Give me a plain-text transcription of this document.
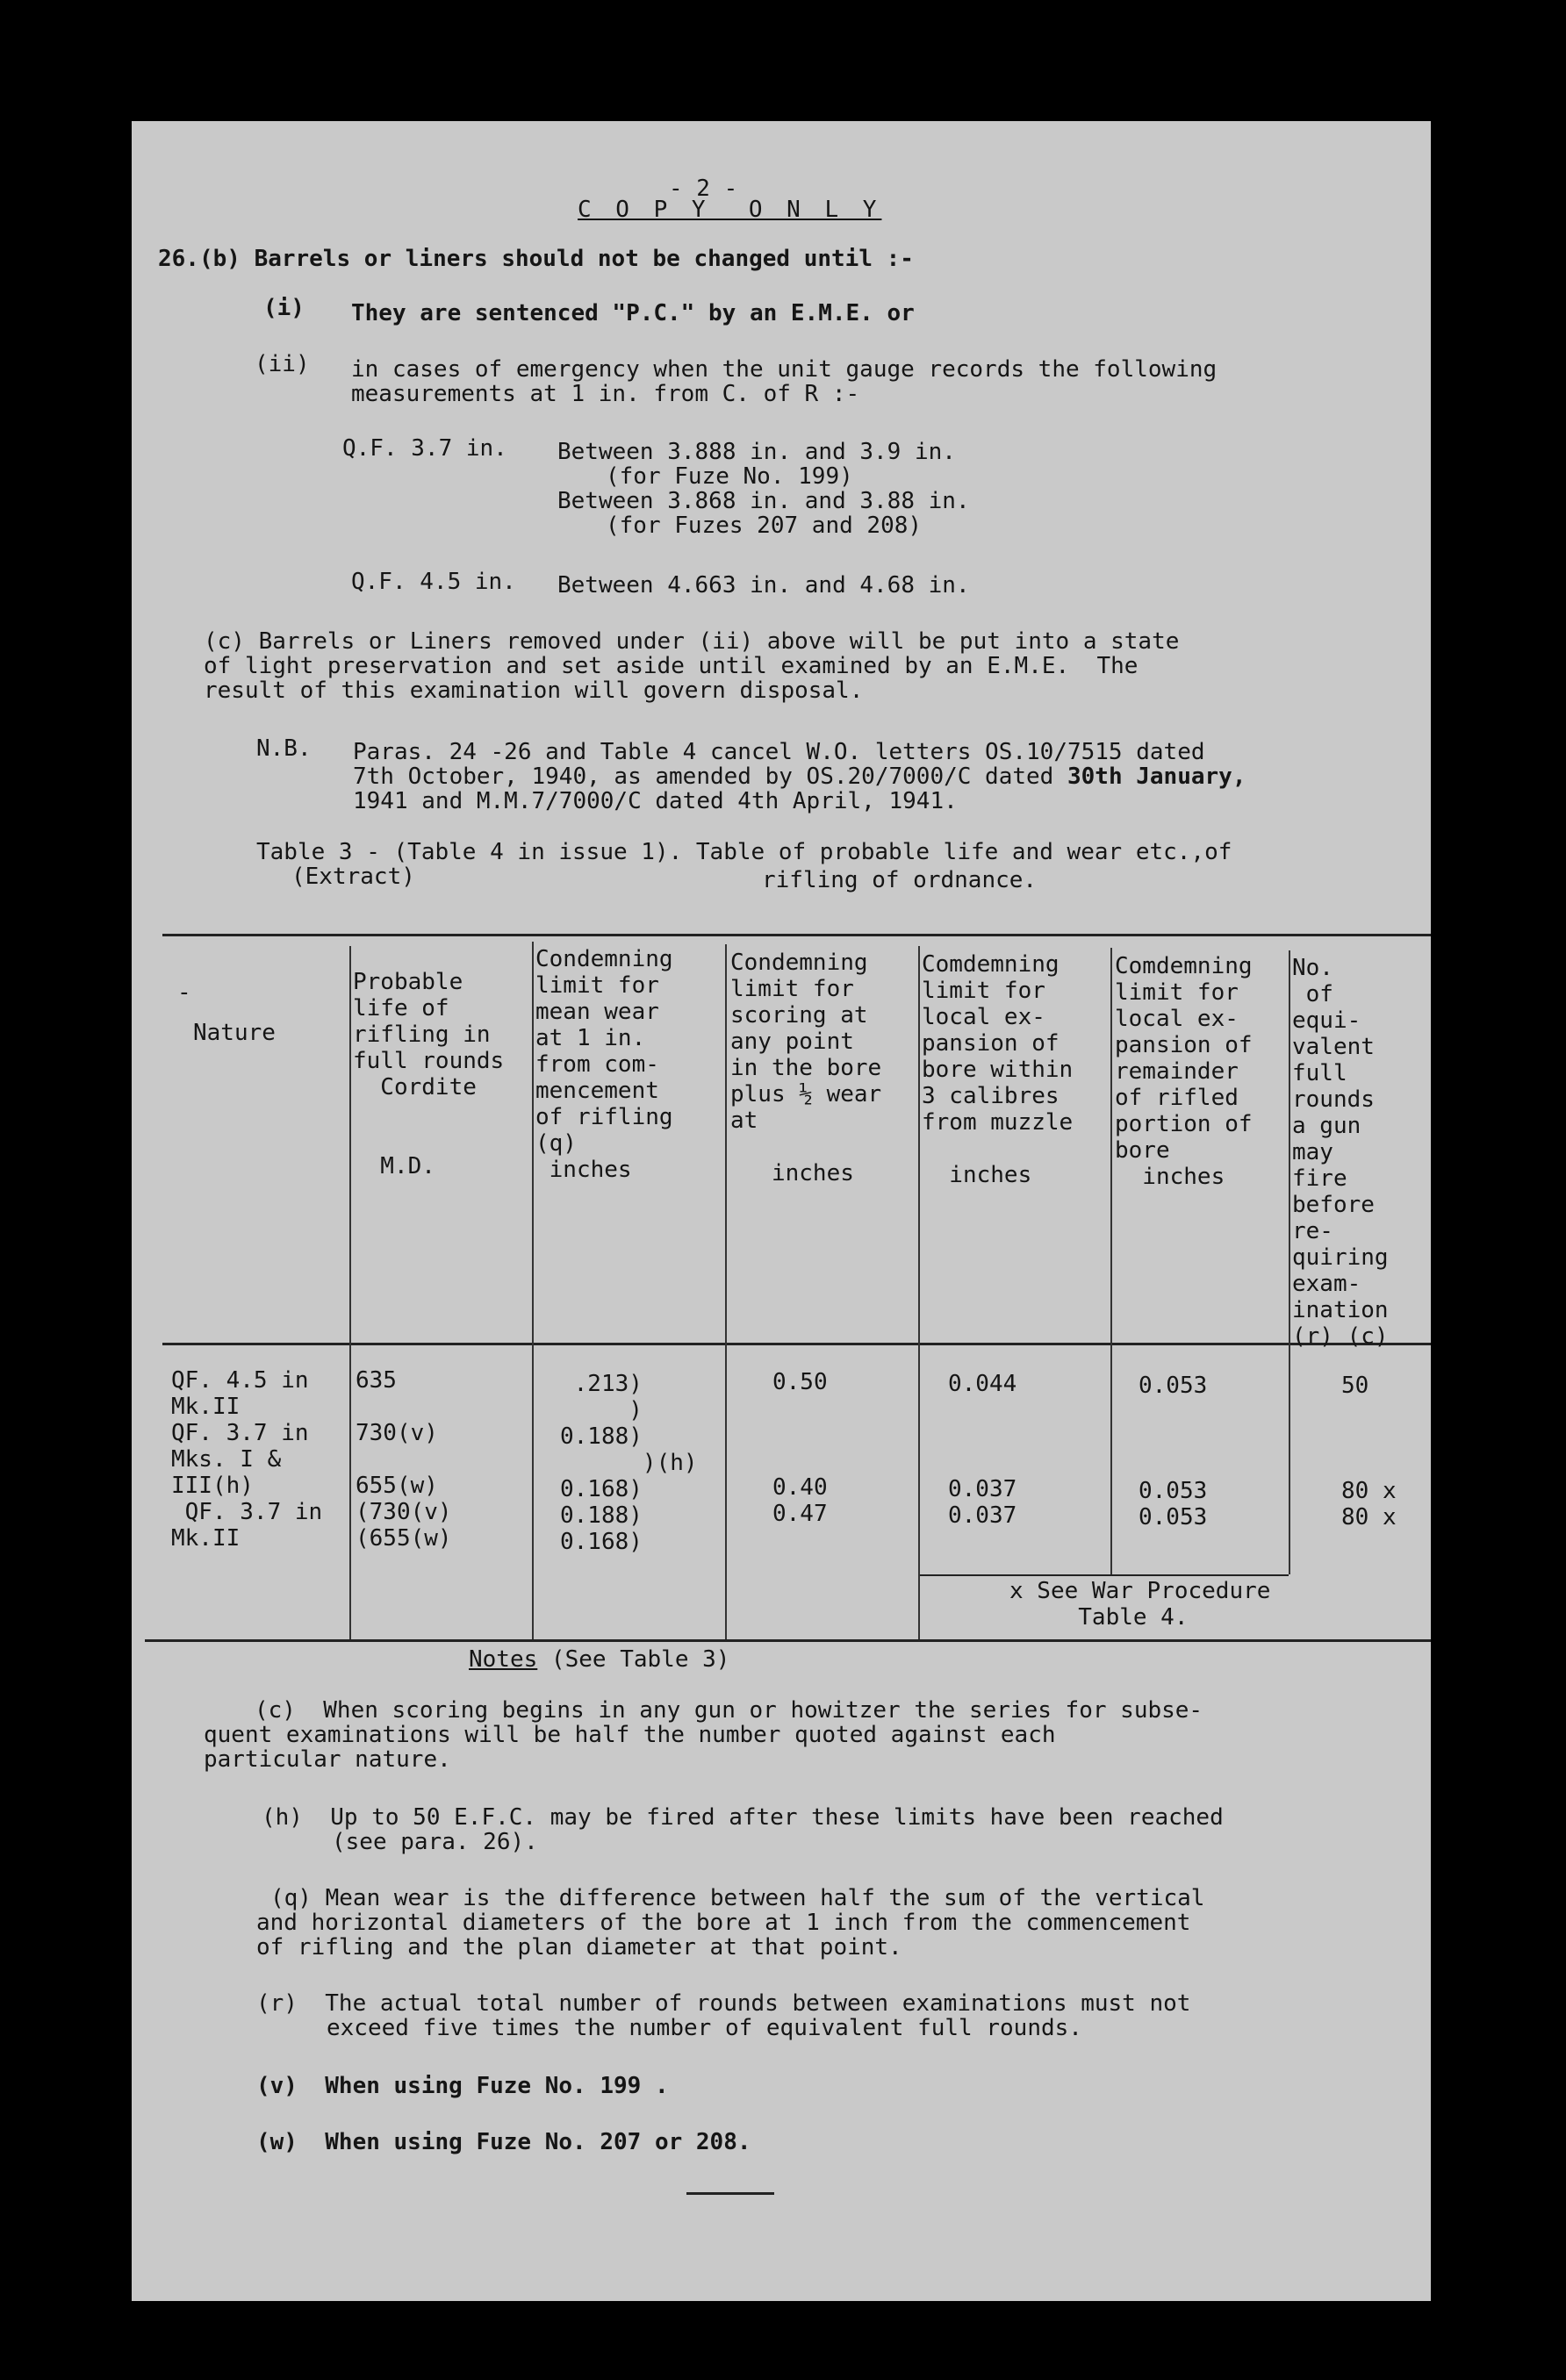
- 2 -
C O P Y  O N L Y
26.(b) Barrels or liners should not be changed until :-
(i) They are sentenced "P.C." by an E.M.E. or
(ii) in cases of emergency when the unit gauge records the following
measurements at 1 in. from C. of R :-
Q.F. 3.7 in. Between 3.888 in. and 3.9 in.
(for Fuze No. 199)
Between 3.868 in. and 3.88 in.
(for Fuzes 207 and 208)
Q.F. 4.5 in. Between 4.663 in. and 4.68 in.
(c) Barrels or Liners removed under (ii) above will be put into a state
of light preservation and set aside until examined by an E.M.E.  The
result of this examination will govern disposal.
N.B. Paras. 24 -26 and Table 4 cancel W.O. letters OS.10/7515 dated
7th October, 1940, as amended by OS.20/7000/C dated 30th January,
1941 and M.M.7/7000/C dated 4th April, 1941.
Table 3 - (Table 4 in issue 1). Table of probable life and wear etc.,of
(Extract)	rifling of ordnance.
-
Nature
Probable
life of
rifling in
full rounds
Cordite

M.D.
Condemning
limit for
mean wear
at 1 in.
from com-
mencement
of rifling
(q)
inches
Condemning
limit for
scoring at
any point
in the bore
plus ½ wear
at

inches
Comdemning
limit for
local ex-
pansion of
bore within
3 calibres
from muzzle

inches
Comdemning
limit for
local ex-
pansion of
remainder
of rifled
portion of
bore
inches
No.
of
equi-
valent
full
rounds
a gun
may
fire
before
re-
quiring
exam-
ination
(r) (c)
QF. 4.5 in
Mk.II
QF. 3.7 in
Mks. I &
III(h)
QF. 3.7 in
Mk.II
635

730(v)

655(w)
(730(v)
(655(w)
.213)
)
0.188)
)(h)
0.168)
0.188)
0.168)
0.50

0.40
0.47
0.044

0.037
0.037
0.053

0.053
0.053
50

80 x
80 x
x See War Procedure
Table 4.
Notes (See Table 3)
(c)  When scoring begins in any gun or howitzer the series for subse-
quent examinations will be half the number quoted against each
particular nature.
(h)  Up to 50 E.F.C. may be fired after these limits have been reached
(see para. 26).
(q) Mean wear is the difference between half the sum of the vertical
and horizontal diameters of the bore at 1 inch from the commencement
of rifling and the plan diameter at that point.
(r)  The actual total number of rounds between examinations must not
exceed five times the number of equivalent full rounds.
(v)  When using Fuze No. 199 .
(w)  When using Fuze No. 207 or 208.
